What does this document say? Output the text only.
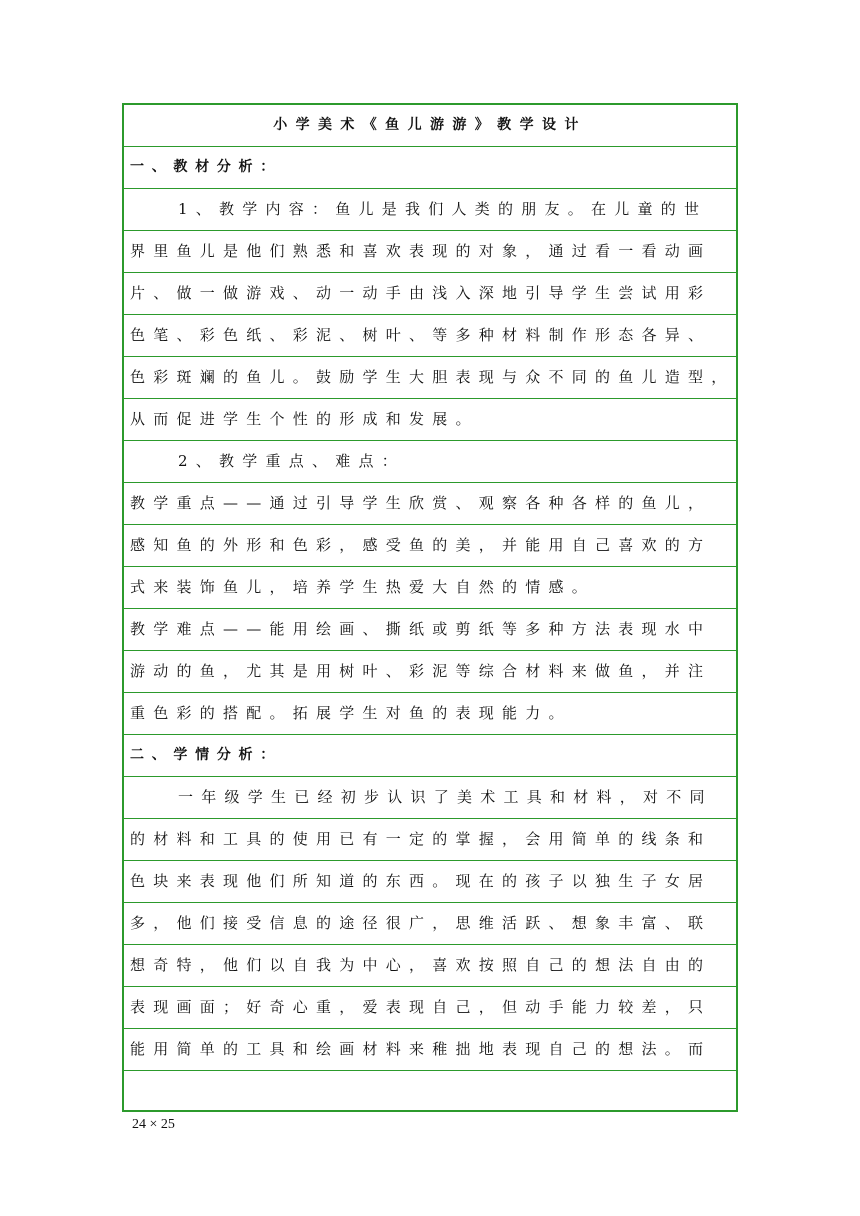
小学美术《鱼儿游游》教学设计
一、教材分析：
1、教学内容：鱼儿是我们人类的朋友。在儿童的世
界里鱼儿是他们熟悉和喜欢表现的对象，通过看一看动画
片、做一做游戏、动一动手由浅入深地引导学生尝试用彩
色笔、彩色纸、彩泥、树叶、等多种材料制作形态各异、
色彩斑斓的鱼儿。鼓励学生大胆表现与众不同的鱼儿造型，
从而促进学生个性的形成和发展。
2、教学重点、难点：
教学重点——通过引导学生欣赏、观察各种各样的鱼儿，
感知鱼的外形和色彩，感受鱼的美，并能用自己喜欢的方
式来装饰鱼儿，培养学生热爱大自然的情感。
教学难点——能用绘画、撕纸或剪纸等多种方法表现水中
游动的鱼，尤其是用树叶、彩泥等综合材料来做鱼，并注
重色彩的搭配。拓展学生对鱼的表现能力。
二、学情分析：
一年级学生已经初步认识了美术工具和材料，对不同
的材料和工具的使用已有一定的掌握，会用简单的线条和
色块来表现他们所知道的东西。现在的孩子以独生子女居
多，他们接受信息的途径很广，思维活跃、想象丰富、联
想奇特，他们以自我为中心，喜欢按照自己的想法自由的
表现画面；好奇心重，爱表现自己，但动手能力较差，只
能用简单的工具和绘画材料来稚拙地表现自己的想法。而
24 × 25
